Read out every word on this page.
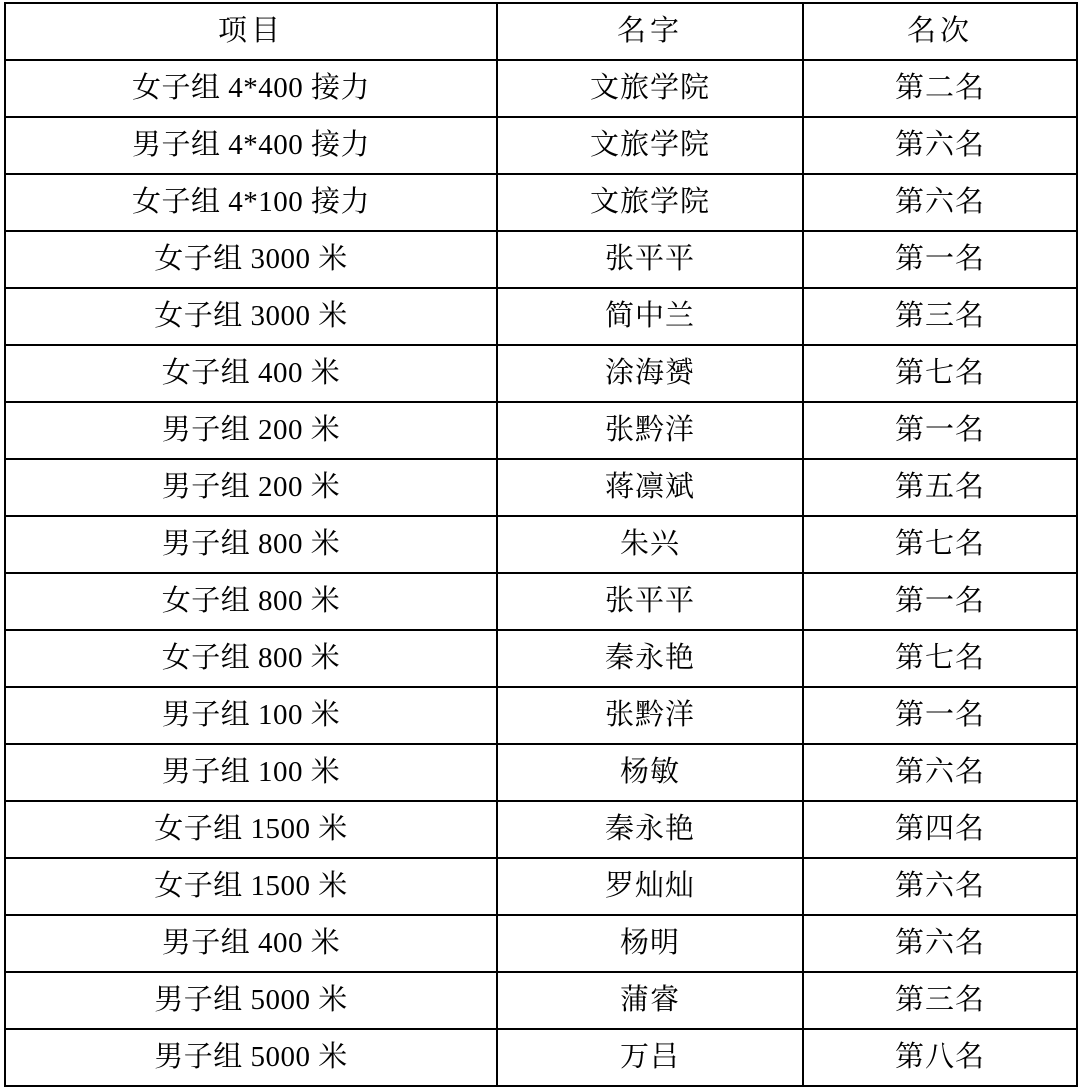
项目	名字	名次
女子组 4*400 接力	文旅学院	第二名
男子组 4*400 接力	文旅学院	第六名
女子组 4*100 接力	文旅学院	第六名
女子组 3000 米	张平平	第一名
女子组 3000 米	简中兰	第三名
女子组 400 米	涂海赟	第七名
男子组 200 米	张黔洋	第一名
男子组 200 米	蒋凛斌	第五名
男子组 800 米	朱兴	第七名
女子组 800 米	张平平	第一名
女子组 800 米	秦永艳	第七名
男子组 100 米	张黔洋	第一名
男子组 100 米	杨敏	第六名
女子组 1500 米	秦永艳	第四名
女子组 1500 米	罗灿灿	第六名
男子组 400 米	杨明	第六名
男子组 5000 米	蒲睿	第三名
男子组 5000 米	万吕	第八名
